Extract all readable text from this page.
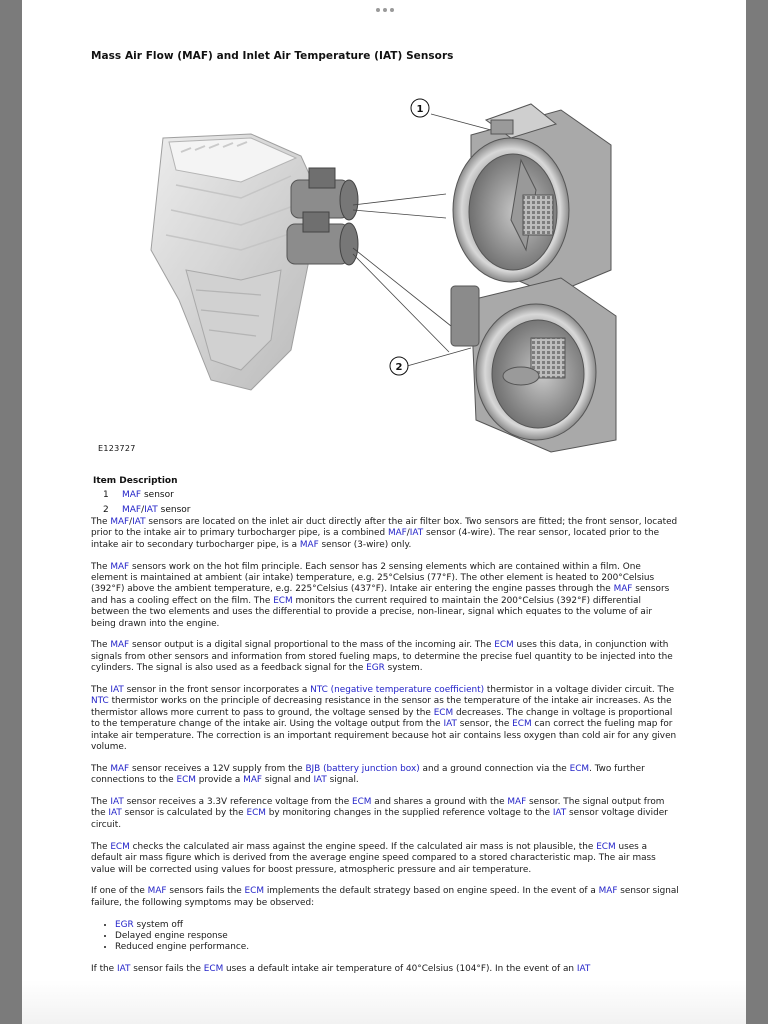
Mass Air Flow (MAF) and Inlet Air Temperature (IAT) Sensors
1
2
E123727
Item Description
1 MAF sensor
2 MAF/IAT sensor

The MAF/IAT sensors are located on the inlet air duct directly after the air filter box. Two sensors are fitted; the front sensor, located prior to the intake air to primary turbocharger pipe, is a combined MAF/IAT sensor (4-wire). The rear sensor, located prior to the intake air to secondary turbocharger pipe, is a MAF sensor (3-wire) only.

The MAF sensors work on the hot film principle. Each sensor has 2 sensing elements which are contained within a film. One element is maintained at ambient (air intake) temperature, e.g. 25°Celsius (77°F). The other element is heated to 200°Celsius (392°F) above the ambient temperature, e.g. 225°Celsius (437°F). Intake air entering the engine passes through the MAF sensors and has a cooling effect on the film. The ECM monitors the current required to maintain the 200°Celsius (392°F) differential between the two elements and uses the differential to provide a precise, non-linear, signal which equates to the volume of air being drawn into the engine.

The MAF sensor output is a digital signal proportional to the mass of the incoming air. The ECM uses this data, in conjunction with signals from other sensors and information from stored fueling maps, to determine the precise fuel quantity to be injected into the cylinders. The signal is also used as a feedback signal for the EGR system.

The IAT sensor in the front sensor incorporates a NTC (negative temperature coefficient) thermistor in a voltage divider circuit. The NTC thermistor works on the principle of decreasing resistance in the sensor as the temperature of the intake air increases. As the thermistor allows more current to pass to ground, the voltage sensed by the ECM decreases. The change in voltage is proportional to the temperature change of the intake air. Using the voltage output from the IAT sensor, the ECM can correct the fueling map for intake air temperature. The correction is an important requirement because hot air contains less oxygen than cold air for any given volume.

The MAF sensor receives a 12V supply from the BJB (battery junction box) and a ground connection via the ECM. Two further connections to the ECM provide a MAF signal and IAT signal.

The IAT sensor receives a 3.3V reference voltage from the ECM and shares a ground with the MAF sensor. The signal output from the IAT sensor is calculated by the ECM by monitoring changes in the supplied reference voltage to the IAT sensor voltage divider circuit.

The ECM checks the calculated air mass against the engine speed. If the calculated air mass is not plausible, the ECM uses a default air mass figure which is derived from the average engine speed compared to a stored characteristic map. The air mass value will be corrected using values for boost pressure, atmospheric pressure and air temperature.

If one of the MAF sensors fails the ECM implements the default strategy based on engine speed. In the event of a MAF sensor signal failure, the following symptoms may be observed:

• EGR system off
• Delayed engine response
• Reduced engine performance.

If the IAT sensor fails the ECM uses a default intake air temperature of 40°Celsius (104°F). In the event of an IAT
